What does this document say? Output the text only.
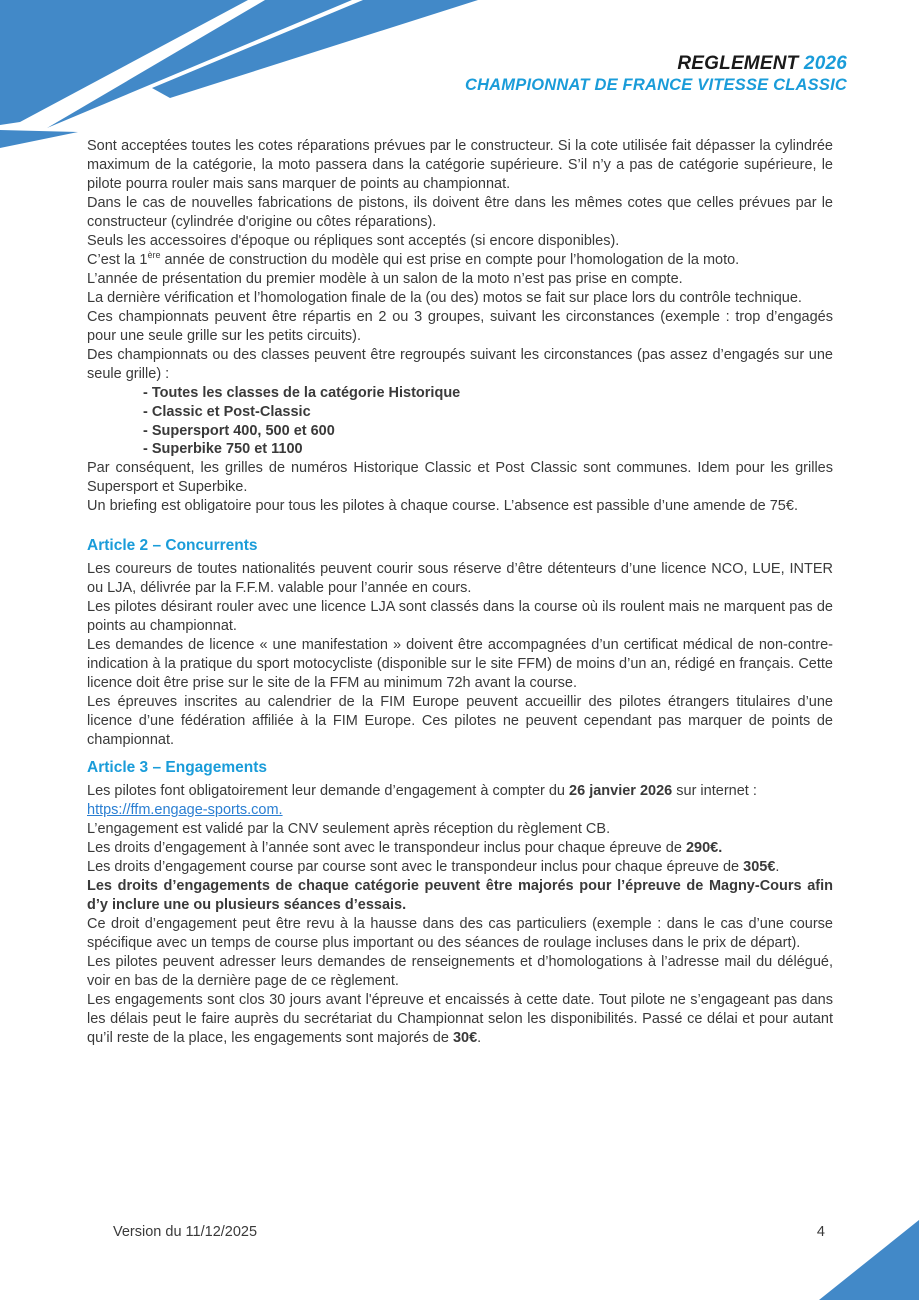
REGLEMENT 2026
CHAMPIONNAT DE FRANCE VITESSE CLASSIC

Sont acceptées toutes les cotes réparations prévues par le constructeur. Si la cote utilisée fait dépasser la cylindrée maximum de la catégorie, la moto passera dans la catégorie supérieure. S’il n’y a pas de catégorie supérieure, le pilote pourra rouler mais sans marquer de points au championnat.

Dans le cas de nouvelles fabrications de pistons, ils doivent être dans les mêmes cotes que celles prévues par le constructeur (cylindrée d'origine ou côtes réparations).

Seuls les accessoires d'époque ou répliques sont acceptés (si encore disponibles).

C’est la 1ère année de construction du modèle qui est prise en compte pour l’homologation de la moto.

L’année de présentation du premier modèle à un salon de la moto n’est pas prise en compte.

La dernière vérification et l’homologation finale de la (ou des) motos se fait sur place lors du contrôle technique.

Ces championnats peuvent être répartis en 2 ou 3 groupes, suivant les circonstances (exemple : trop d’engagés pour une seule grille sur les petits circuits).

Des championnats ou des classes peuvent être regroupés suivant les circonstances (pas assez d’engagés sur une seule grille) :

- Toutes les classes de la catégorie Historique
- Classic et Post-Classic
- Supersport 400, 500 et 600
- Superbike 750 et 1100

Par conséquent, les grilles de numéros Historique Classic et Post Classic sont communes. Idem pour les grilles Supersport et Superbike.

Un briefing est obligatoire pour tous les pilotes à chaque course. L’absence est passible d’une amende de 75€.

Article 2 – Concurrents

Les coureurs de toutes nationalités peuvent courir sous réserve d’être détenteurs d’une licence NCO, LUE, INTER ou LJA, délivrée par la F.F.M. valable pour l’année en cours.

Les pilotes désirant rouler avec une licence LJA sont classés dans la course où ils roulent mais ne marquent pas de points au championnat.

Les demandes de licence « une manifestation » doivent être accompagnées d’un certificat médical de non-contre-indication à la pratique du sport motocycliste (disponible sur le site FFM) de moins d’un an, rédigé en français. Cette licence doit être prise sur le site de la FFM au minimum 72h avant la course.

Les épreuves inscrites au calendrier de la FIM Europe peuvent accueillir des pilotes étrangers titulaires d’une licence d’une fédération affiliée à la FIM Europe. Ces pilotes ne peuvent cependant pas marquer de points de championnat.

Article 3 – Engagements

Les pilotes font obligatoirement leur demande d’engagement à compter du 26 janvier 2026 sur internet :

https://ffm.engage-sports.com.

L’engagement est validé par la CNV seulement après réception du règlement CB.

Les droits d’engagement à l’année sont avec le transpondeur inclus pour chaque épreuve de 290€.

Les droits d’engagement course par course sont avec le transpondeur inclus pour chaque épreuve de 305€.

Les droits d’engagements de chaque catégorie peuvent être majorés pour l’épreuve de Magny-Cours afin d’y inclure une ou plusieurs séances d’essais.

Ce droit d’engagement peut être revu à la hausse dans des cas particuliers (exemple : dans le cas d’une course spécifique avec un temps de course plus important ou des séances de roulage incluses dans le prix de départ).

Les pilotes peuvent adresser leurs demandes de renseignements et d’homologations à l’adresse mail du délégué, voir en bas de la dernière page de ce règlement.

Les engagements sont clos 30 jours avant l'épreuve et encaissés à cette date. Tout pilote ne s’engageant pas dans les délais peut le faire auprès du secrétariat du Championnat selon les disponibilités. Passé ce délai et pour autant qu’il reste de la place, les engagements sont majorés de 30€.

Version du 11/12/2025	4
